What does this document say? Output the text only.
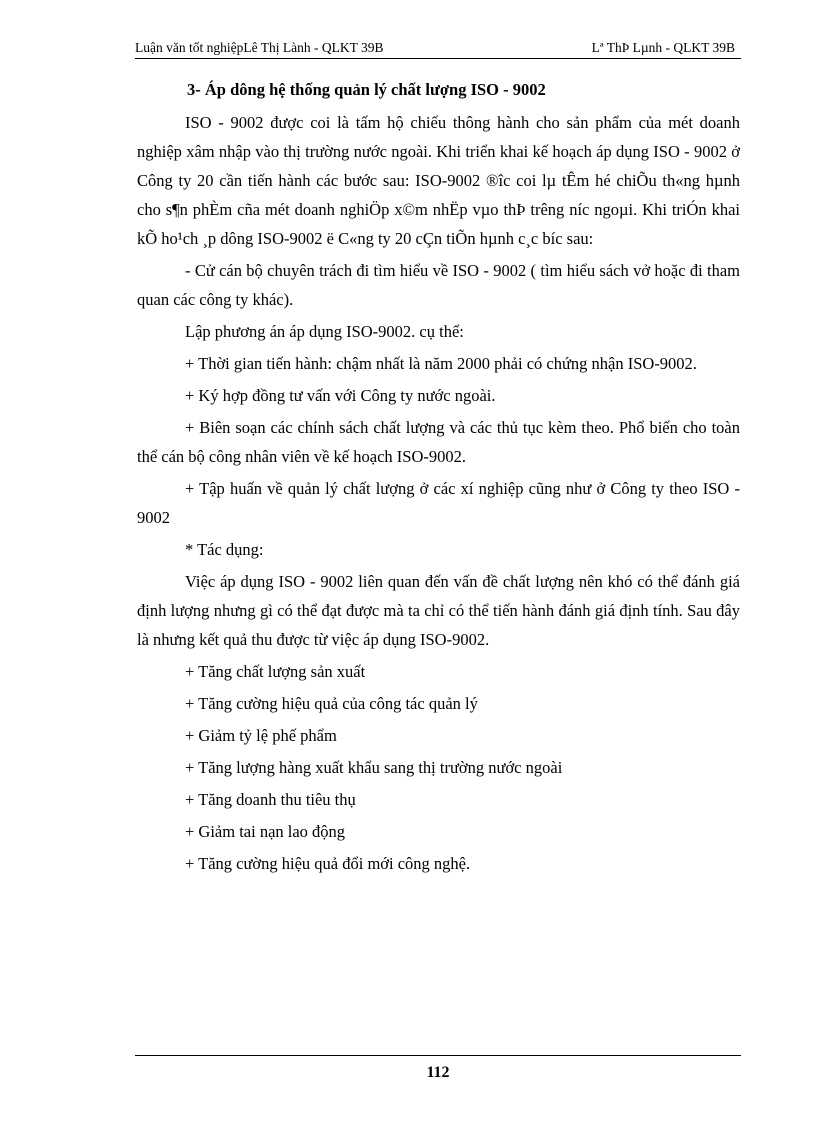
Luận văn tốt nghiệpLê Thị Lành - QLKT 39B	Lª ThÞ Lµnh - QLKT 39B
3- Áp dông hệ thống quản lý chất lượng ISO - 9002

ISO - 9002 được coi là tấm hộ chiếu thông hành cho sản phẩm của mét doanh nghiệp xâm nhập vào thị trường nước ngoài. Khi triển khai kế hoạch áp dụng ISO - 9002 ở Công ty 20 cần tiến hành các bước sau: ISO-9002 ®îc coi lµ tÊm hé chiÕu th«ng hµnh cho s¶n phÈm cña mét doanh nghiÖp x©m nhËp vµo thÞ trêng níc ngoµi. Khi triÓn khai kÕ ho¹ch ¸p dông ISO-9002 ë C«ng ty 20 cÇn tiÕn hµnh c¸c bíc sau:

- Cử cán bộ chuyên trách đi tìm hiểu về ISO - 9002 ( tìm hiểu sách vở hoặc đi tham quan các công ty khác).

Lập phương án áp dụng ISO-9002. cụ thể:

+ Thời gian tiến hành: chậm nhất là năm 2000 phải có chứng nhận ISO-9002.

+ Ký hợp đồng tư vấn với Công ty nước ngoài.

+ Biên soạn các chính sách chất lượng và các thủ tục kèm theo. Phổ biến cho toàn thể cán bộ công nhân viên về kế hoạch ISO-9002.

+ Tập huấn về quản lý chất lượng ở các xí nghiệp cũng như ở Công ty theo ISO - 9002

* Tác dụng:

Việc áp dụng ISO - 9002 liên quan đến vấn đề chất lượng nên khó có thể đánh giá định lượng nhưng gì có thể đạt được mà ta chỉ có thể tiến hành đánh giá định tính. Sau đây là nhưng kết quả thu được từ việc áp dụng ISO-9002.

+ Tăng chất lượng sản xuất
+ Tăng cường hiệu quả của công tác quản lý
+ Giảm tỷ lệ phế phẩm
+ Tăng lượng hàng xuất khẩu sang thị trường nước ngoài
+ Tăng doanh thu tiêu thụ
+ Giảm tai nạn lao động
+ Tăng cường hiệu quả đổi mới công nghệ.
112
